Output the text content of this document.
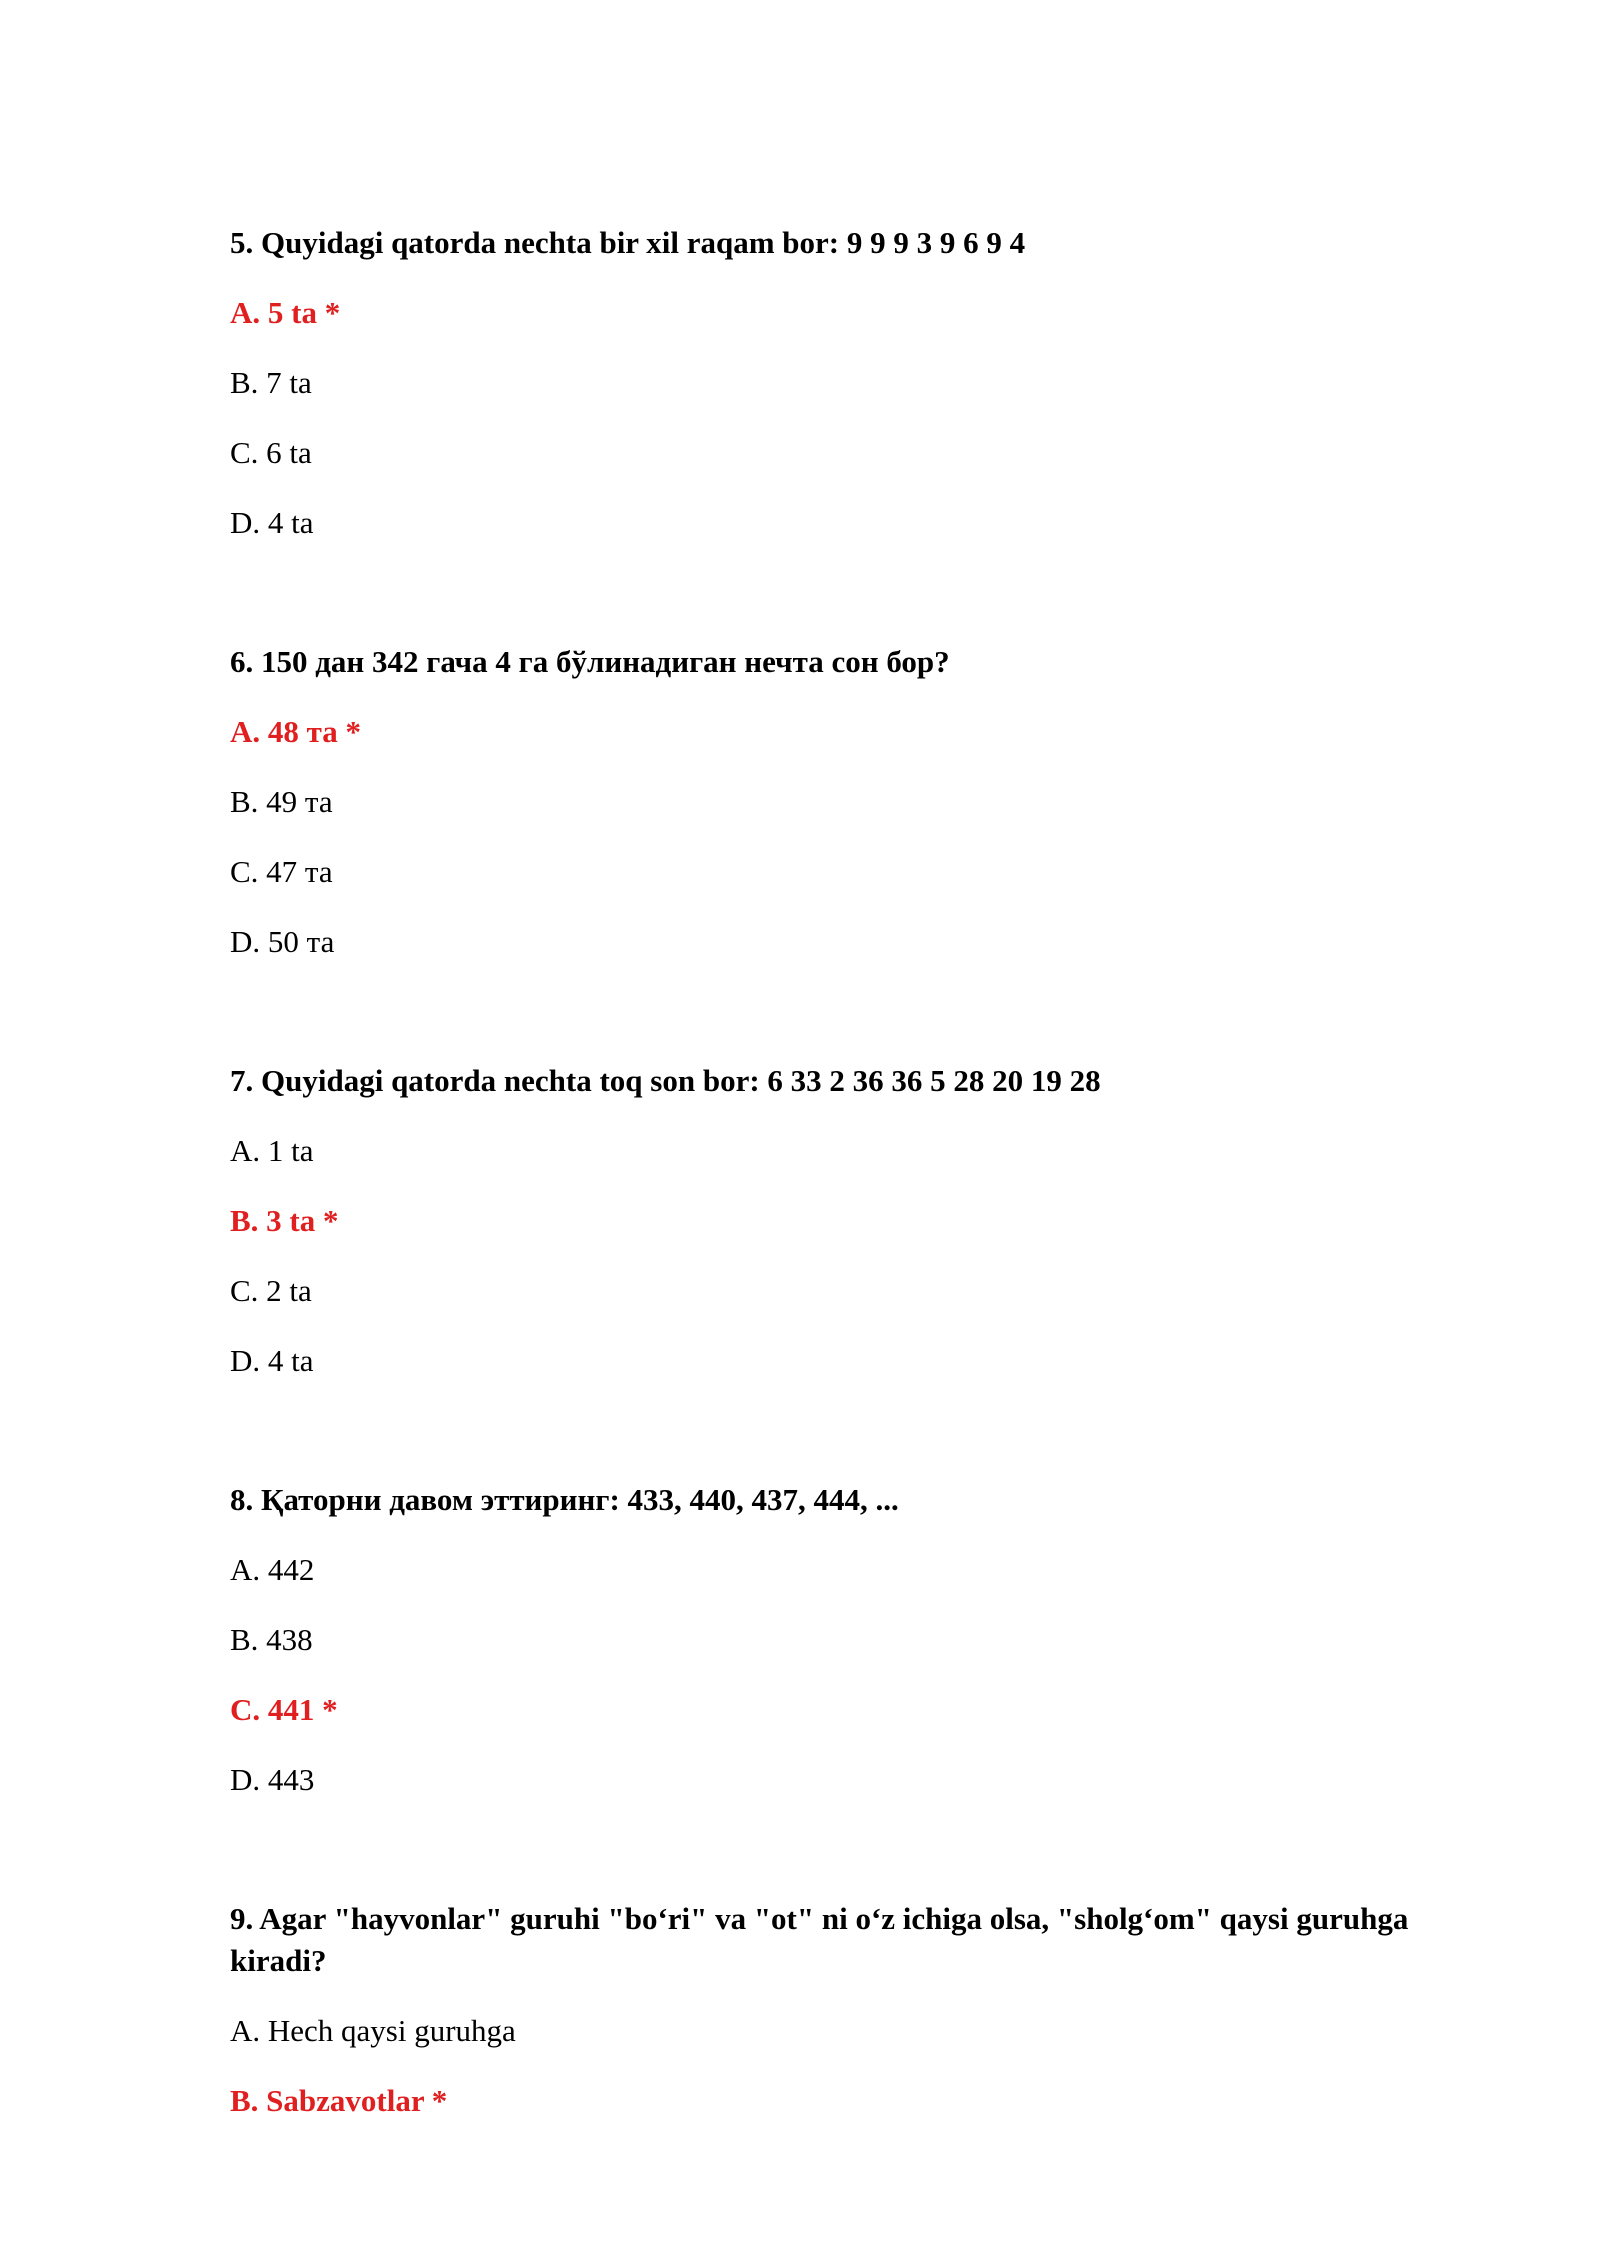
5. Quyidagi qatorda nechta bir xil raqam bor: 9 9 9 3 9 6 9 4

A. 5 ta *

B. 7 ta

C. 6 ta

D. 4 ta

6. 150 дан 342 гача 4 га бўлинадиган нечта сон бор?

A. 48 та *

B. 49 та

C. 47 та

D. 50 та

7. Quyidagi qatorda nechta toq son bor: 6 33 2 36 36 5 28 20 19 28

A. 1 ta

B. 3 ta *

C. 2 ta

D. 4 ta

8. Қаторни давом эттиринг: 433, 440, 437, 444, ...

A. 442

B. 438

C. 441 *

D. 443

9. Agar "hayvonlar" guruhi "bo‘ri" va "ot" ni o‘z ichiga olsa, "sholg‘om" qaysi guruhga kiradi?

A. Hech qaysi guruhga

B. Sabzavotlar *
